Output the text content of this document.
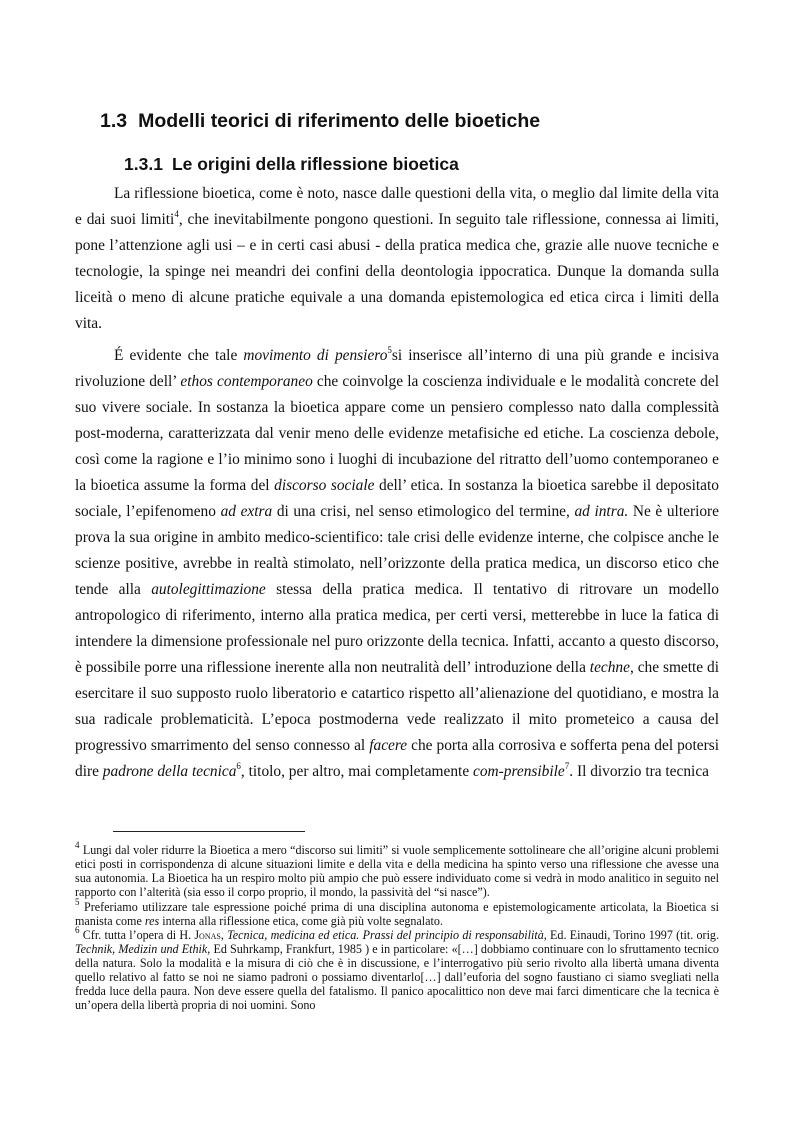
1.3 Modelli teorici di riferimento delle bioetiche
1.3.1 Le origini della riflessione bioetica

La riflessione bioetica, come è noto, nasce dalle questioni della vita, o meglio dal limite della vita e dai suoi limiti$^4$, che inevitabilmente pongono questioni. In seguito tale riflessione, connessa ai limiti, pone l’attenzione agli usi – e in certi casi abusi - della pratica medica che, grazie alle nuove tecniche e tecnologie, la spinge nei meandri dei confini della deontologia ippocratica. Dunque la domanda sulla liceità o meno di alcune pratiche equivale a una domanda epistemologica ed etica circa i limiti della vita.

É evidente che tale movimento di pensiero$^5$si inserisce all’interno di una più grande e incisiva rivoluzione dell’ ethos contemporaneo che coinvolge la coscienza individuale e le modalità concrete del suo vivere sociale. In sostanza la bioetica appare come un pensiero complesso nato dalla complessità post-moderna, caratterizzata dal venir meno delle evidenze metafisiche ed etiche. La coscienza debole, così come la ragione e l’io minimo sono i luoghi di incubazione del ritratto dell’uomo contemporaneo e la bioetica assume la forma del discorso sociale dell’ etica. In sostanza la bioetica sarebbe il depositato sociale, l’epifenomeno ad extra di una crisi, nel senso etimologico del termine, ad intra. Ne è ulteriore prova la sua origine in ambito medico-scientifico: tale crisi delle evidenze interne, che colpisce anche le scienze positive, avrebbe in realtà stimolato, nell’orizzonte della pratica medica, un discorso etico che tende alla autolegittimazione stessa della pratica medica. Il tentativo di ritrovare un modello antropologico di riferimento, interno alla pratica medica, per certi versi, metterebbe in luce la fatica di intendere la dimensione professionale nel puro orizzonte della tecnica. Infatti, accanto a questo discorso, è possibile porre una riflessione inerente alla non neutralità dell’ introduzione della techne, che smette di esercitare il suo supposto ruolo liberatorio e catartico rispetto all’alienazione del quotidiano, e mostra la sua radicale problematicità. L’epoca postmoderna vede realizzato il mito prometeico a causa del progressivo smarrimento del senso connesso al facere che porta alla corrosiva e sofferta pena del potersi dire padrone della tecnica$^6$, titolo, per altro, mai completamente com-prensibile$^7$. Il divorzio tra tecnica

$^4$ Lungi dal voler ridurre la Bioetica a mero “discorso sui limiti” si vuole semplicemente sottolineare che all’origine alcuni problemi etici posti in corrispondenza di alcune situazioni limite e della vita e della medicina ha spinto verso una riflessione che avesse una sua autonomia. La Bioetica ha un respiro molto più ampio che può essere individuato come si vedrà in modo analitico in seguito nel rapporto con l’alterità (sia esso il corpo proprio, il mondo, la passività del “si nasce”).

$^5$ Preferiamo utilizzare tale espressione poiché prima di una disciplina autonoma e epistemologicamente articolata, la Bioetica si manista come res interna alla riflessione etica, come già più volte segnalato.

$^6$ Cfr. tutta l’opera di H. Jonas, Tecnica, medicina ed etica. Prassi del principio di responsabilità, Ed. Einaudi, Torino 1997 (tit. orig. Technik, Medizin und Ethik, Ed Suhrkamp, Frankfurt, 1985 ) e in particolare: «[…] dobbiamo continuare con lo sfruttamento tecnico della natura. Solo la modalità e la misura di ciò che è in discussione, e l’interrogativo più serio rivolto alla libertà umana diventa quello relativo al fatto se noi ne siamo padroni o possiamo diventarlo[…] dall’euforia del sogno faustiano ci siamo svegliati nella fredda luce della paura. Non deve essere quella del fatalismo. Il panico apocalittico non deve mai farci dimenticare che la tecnica è un’opera della libertà propria di noi uomini. Sono
